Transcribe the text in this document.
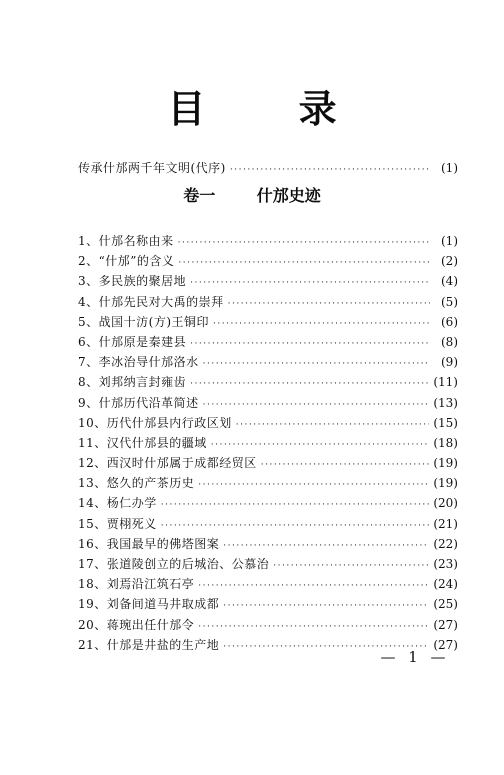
目 录
传承什邡两千年文明(代序) ·····	(1)
卷一	什邡史迹
1、什邡名称由来 ·····	(1)
2、“什邡”的含义 ·····	(2)
3、多民族的聚居地 ·····	(4)
4、什邡先民对大禹的崇拜 ·····	(5)
5、战国十汸(方)王铜印 ·····	(6)
6、什邡原是秦建县 ·····	(8)
7、李冰治导什邡洛水 ·····	(9)
8、刘邦纳言封雍齿 ·····	(11)
9、什邡历代沿革简述 ·····	(13)
10、历代什邡县内行政区划 ·····	(15)
11、汉代什邡县的疆域 ·····	(18)
12、西汉时什邡属于成都经贸区 ·····	(19)
13、悠久的产茶历史 ·····	(19)
14、杨仁办学 ·····	(20)
15、贾栩死义 ·····	(21)
16、我国最早的佛塔图案 ·····	(22)
17、张道陵创立的后城治、公慕治 ·····	(23)
18、刘焉沿江筑石亭 ·····	(24)
19、刘备间道马井取成都 ·····	(25)
20、蒋琬出任什邡令 ·····	(27)
21、什邡是井盐的生产地 ·····	(27)
— 1 —
